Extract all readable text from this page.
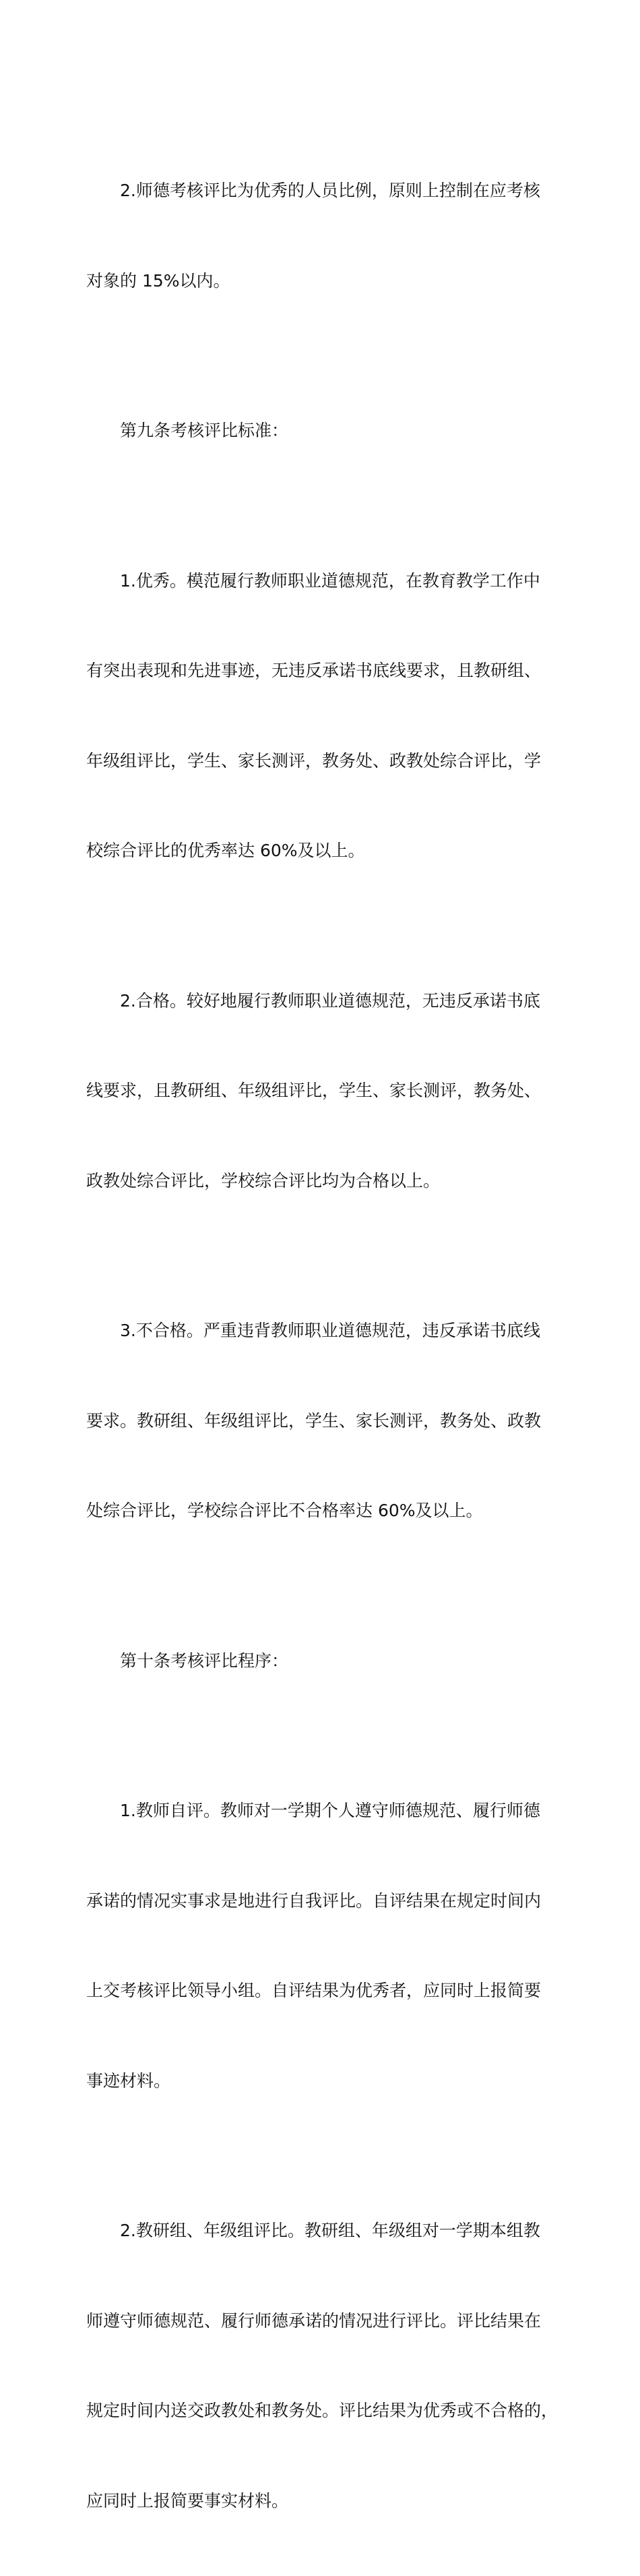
2.师德考核评比为优秀的人员比例，原则上控制在应考核

对象的 15%以内。

第九条考核评比标准：

1.优秀。模范履行教师职业道德规范，在教育教学工作中

有突出表现和先进事迹，无违反承诺书底线要求，且教研组、

年级组评比，学生、家长测评，教务处、政教处综合评比，学

校综合评比的优秀率达 60%及以上。

2.合格。较好地履行教师职业道德规范，无违反承诺书底

线要求，且教研组、年级组评比，学生、家长测评，教务处、

政教处综合评比，学校综合评比均为合格以上。

3.不合格。严重违背教师职业道德规范，违反承诺书底线

要求。教研组、年级组评比，学生、家长测评，教务处、政教

处综合评比，学校综合评比不合格率达 60%及以上。

第十条考核评比程序：

1.教师自评。教师对一学期个人遵守师德规范、履行师德

承诺的情况实事求是地进行自我评比。自评结果在规定时间内

上交考核评比领导小组。自评结果为优秀者，应同时上报简要

事迹材料。

2.教研组、年级组评比。教研组、年级组对一学期本组教

师遵守师德规范、履行师德承诺的情况进行评比。评比结果在

规定时间内送交政教处和教务处。评比结果为优秀或不合格的，

应同时上报简要事实材料。
